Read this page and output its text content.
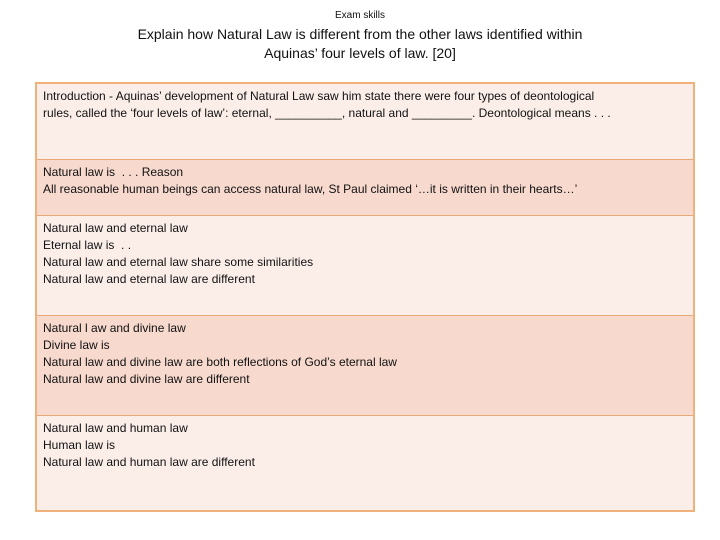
Exam skills
Explain how Natural Law is different from the other laws identified within
Aquinas’ four levels of law. [20]
Introduction - Aquinas’ development of Natural Law saw him state there were four types of deontological
rules, called the ‘four levels of law’: eternal, __________, natural and _________. Deontological means . . .
Natural law is  . . . Reason
All reasonable human beings can access natural law, St Paul claimed ‘…it is written in their hearts…’
Natural law and eternal law
Eternal law is  . .
Natural law and eternal law share some similarities
Natural law and eternal law are different
Natural l aw and divine law
Divine law is
Natural law and divine law are both reflections of God’s eternal law
Natural law and divine law are different
Natural law and human law
Human law is
Natural law and human law are different
